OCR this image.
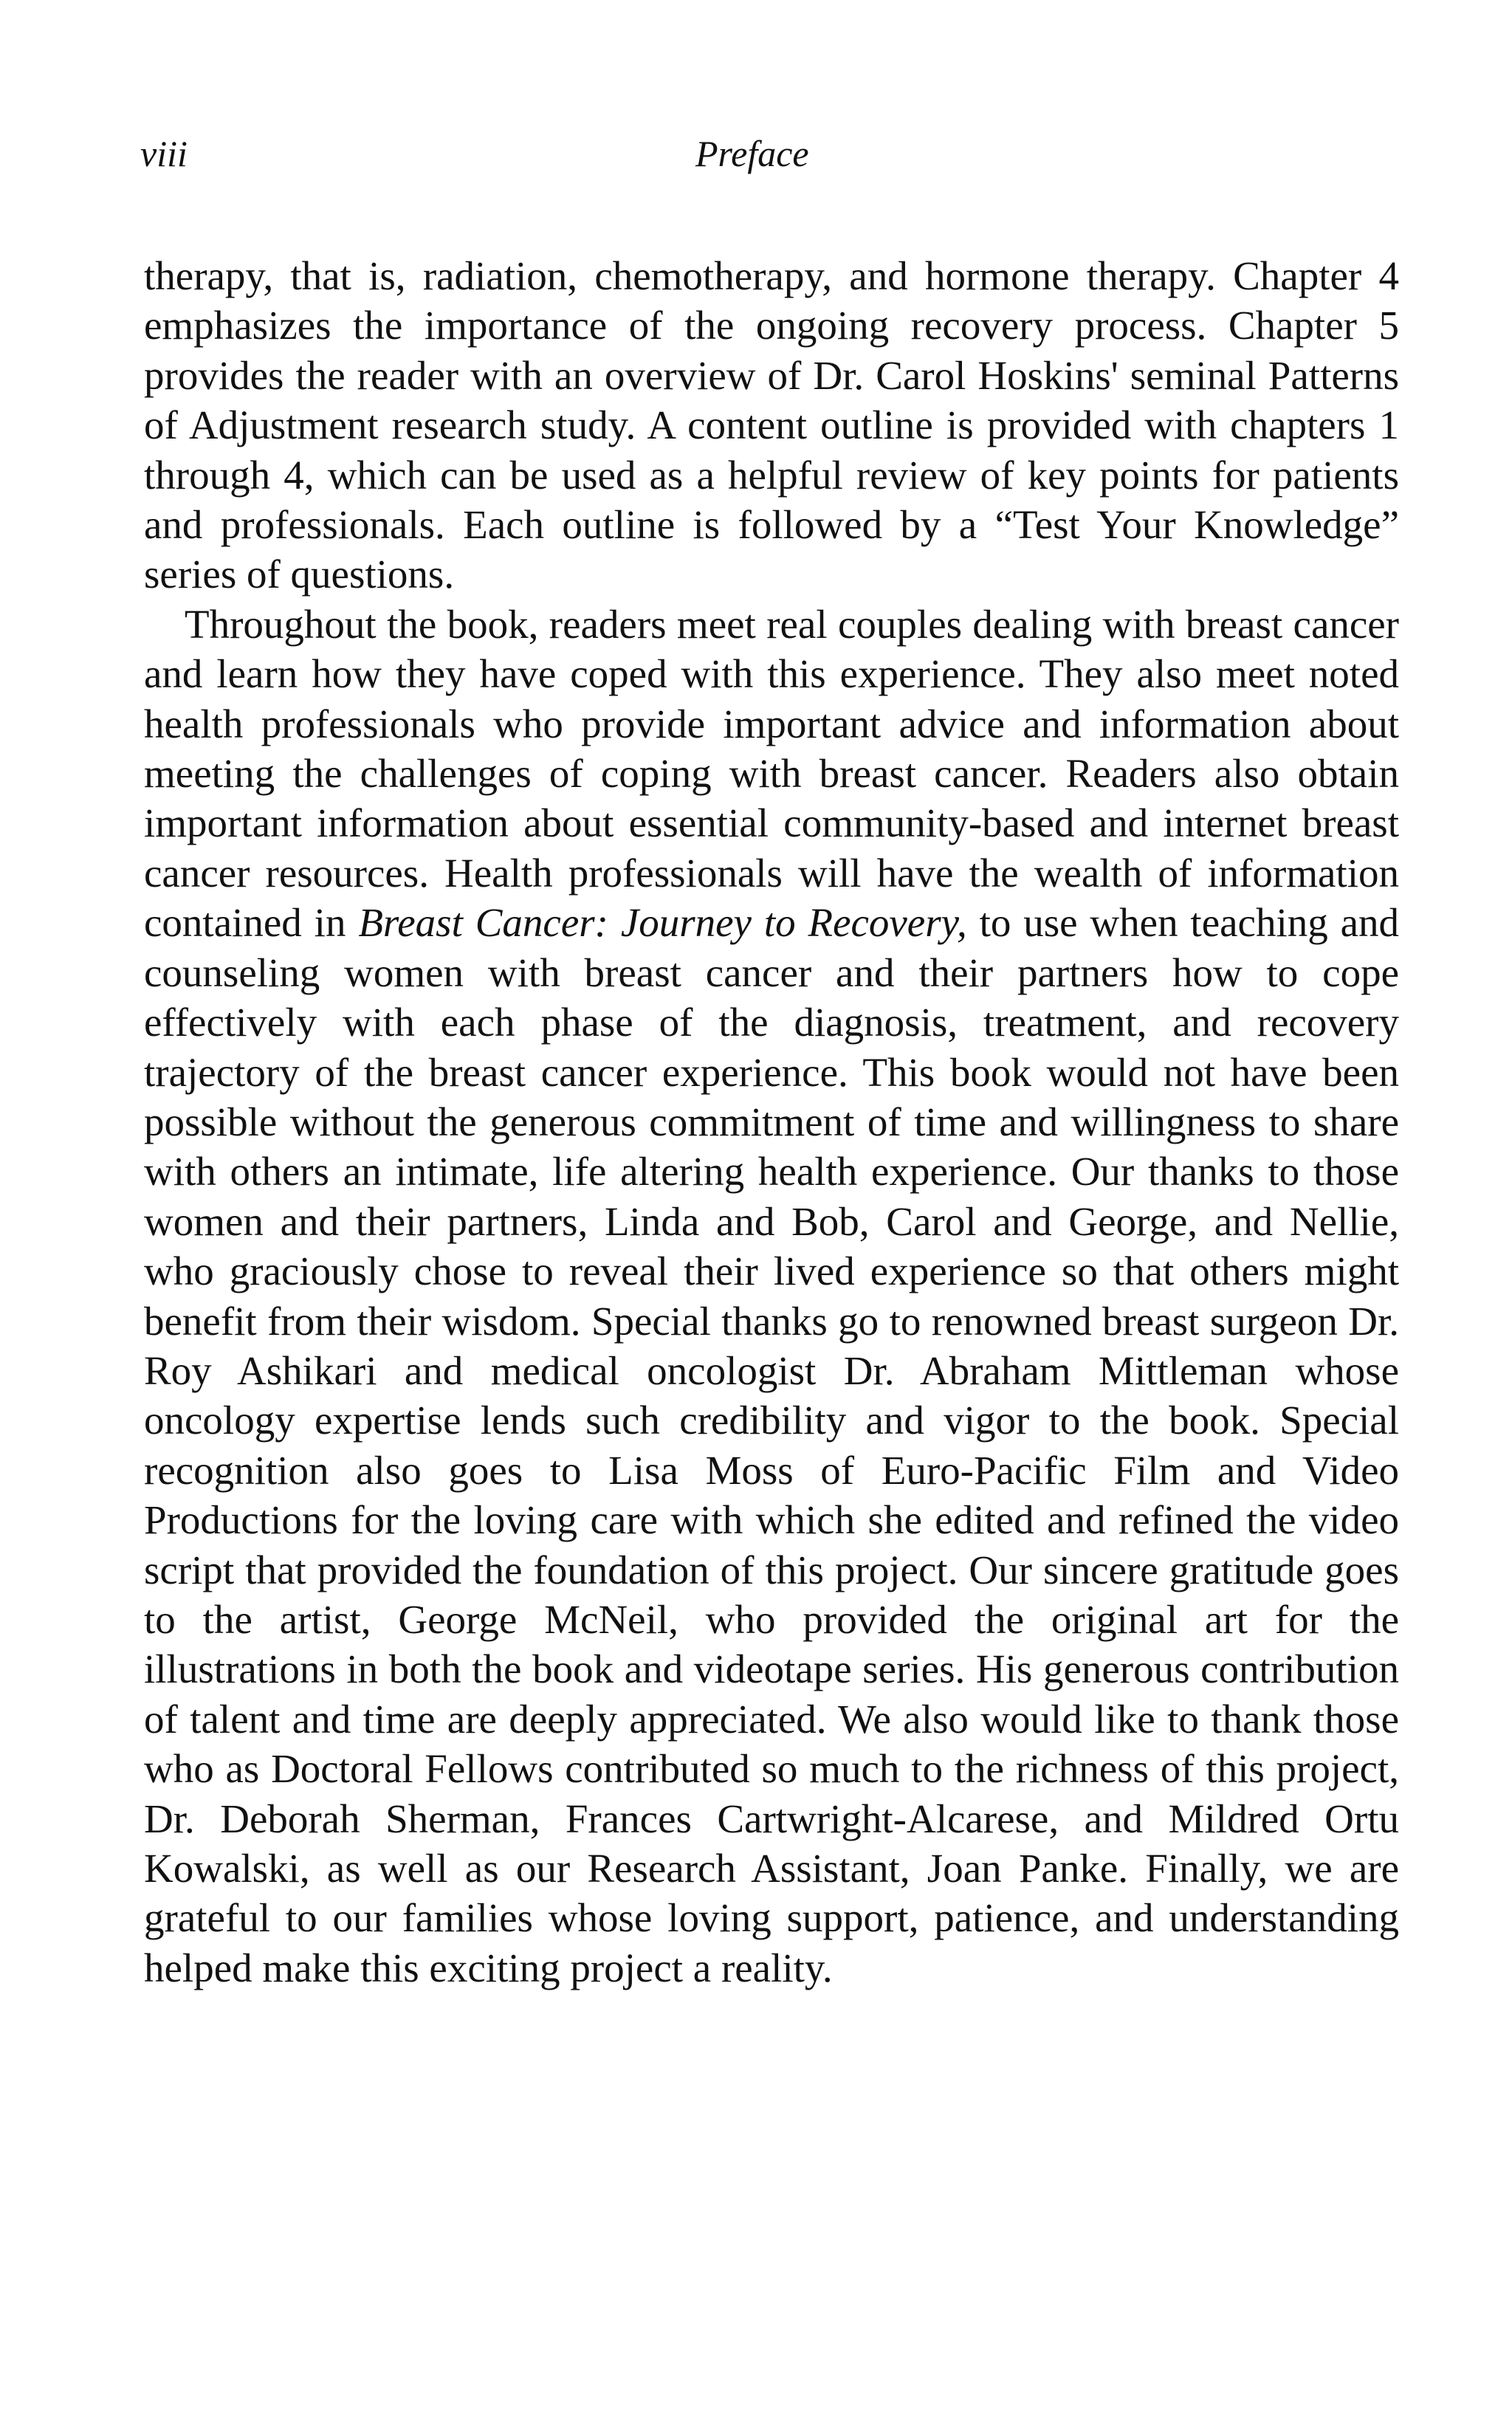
viii	Preface

therapy, that is, radiation, chemotherapy, and hormone therapy. Chapter 4 emphasizes the importance of the ongoing recovery process. Chapter 5 provides the reader with an overview of Dr. Carol Hoskins' seminal Patterns of Adjustment research study. A content outline is provided with chapters 1 through 4, which can be used as a helpful review of key points for patients and professionals. Each outline is followed by a “Test Your Knowledge” series of questions.

Throughout the book, readers meet real couples dealing with breast cancer and learn how they have coped with this experience. They also meet noted health professionals who provide important advice and information about meeting the challenges of coping with breast cancer. Readers also obtain important information about essential community-based and internet breast cancer resources. Health professionals will have the wealth of information contained in Breast Cancer: Journey to Recovery, to use when teaching and counseling women with breast cancer and their partners how to cope effectively with each phase of the diagnosis, treatment, and recovery trajectory of the breast cancer experience. This book would not have been possible without the generous commitment of time and willingness to share with others an intimate, life altering health experience. Our thanks to those women and their partners, Linda and Bob, Carol and George, and Nellie, who graciously chose to reveal their lived experience so that others might benefit from their wisdom. Special thanks go to renowned breast surgeon Dr. Roy Ashikari and medical oncologist Dr. Abraham Mittleman whose oncology expertise lends such credibility and vigor to the book. Special recognition also goes to Lisa Moss of Euro-Pacific Film and Video Productions for the loving care with which she edited and refined the video script that provided the foundation of this project. Our sincere gratitude goes to the artist, George McNeil, who provided the original art for the illustrations in both the book and videotape series. His generous contribution of talent and time are deeply appreciated. We also would like to thank those who as Doctoral Fellows contributed so much to the richness of this project, Dr. Deborah Sherman, Frances Cartwright-Alcarese, and Mildred Ortu Kowalski, as well as our Research Assistant, Joan Panke. Finally, we are grateful to our families whose loving support, patience, and understanding helped make this exciting project a reality.
